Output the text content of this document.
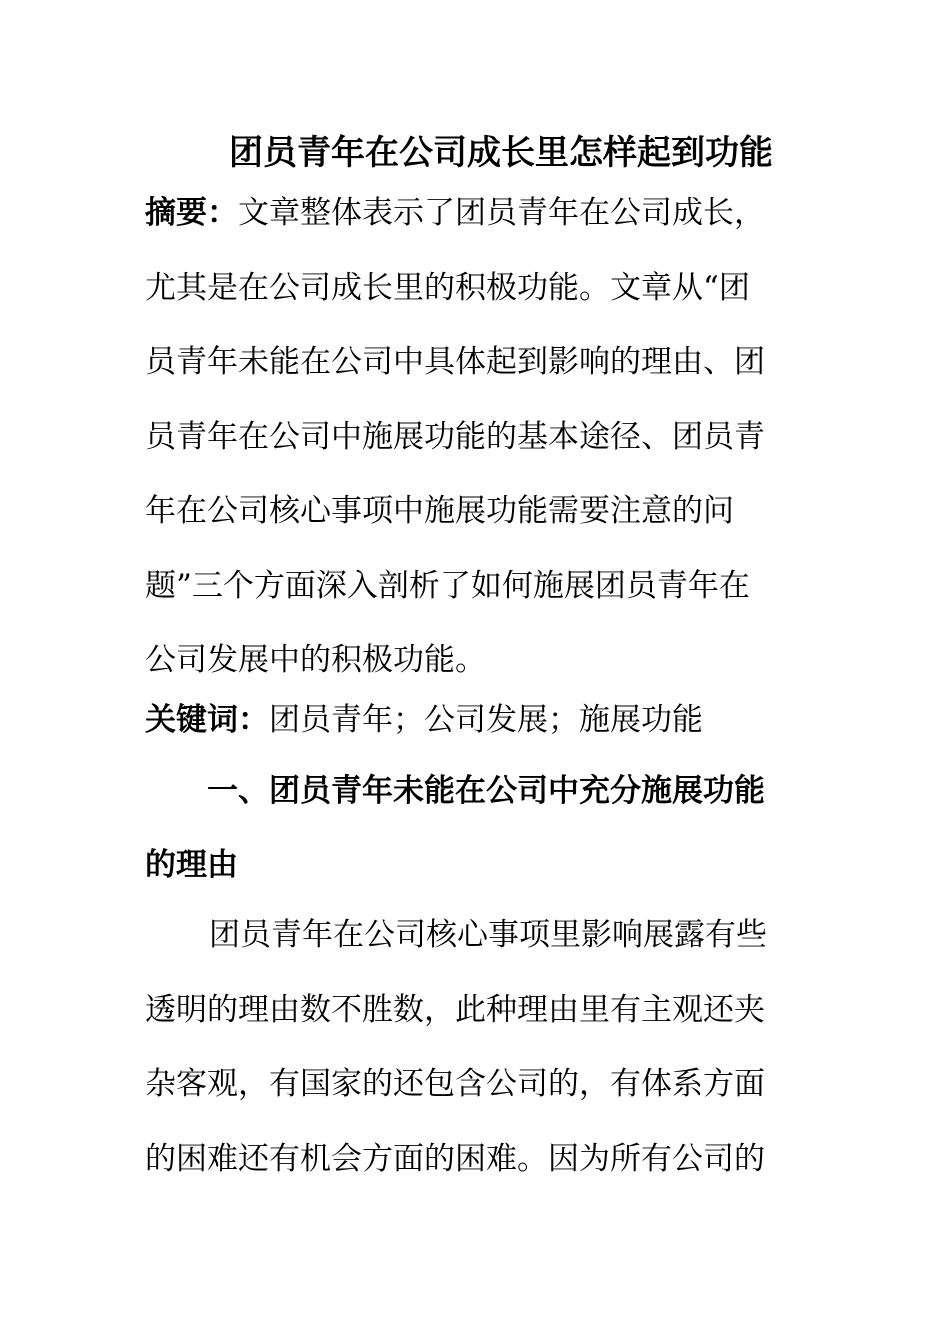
团员青年在公司成长里怎样起到功能
摘要：文章整体表示了团员青年在公司成长，
尤其是在公司成长里的积极功能。文章从“团
员青年未能在公司中具体起到影响的理由、团
员青年在公司中施展功能的基本途径、团员青
年在公司核心事项中施展功能需要注意的问
题”三个方面深入剖析了如何施展团员青年在
公司发展中的积极功能。
关键词：团员青年；公司发展；施展功能
一、团员青年未能在公司中充分施展功能
的理由
团员青年在公司核心事项里影响展露有些
透明的理由数不胜数，此种理由里有主观还夹
杂客观，有国家的还包含公司的，有体系方面
的困难还有机会方面的困难。因为所有公司的
